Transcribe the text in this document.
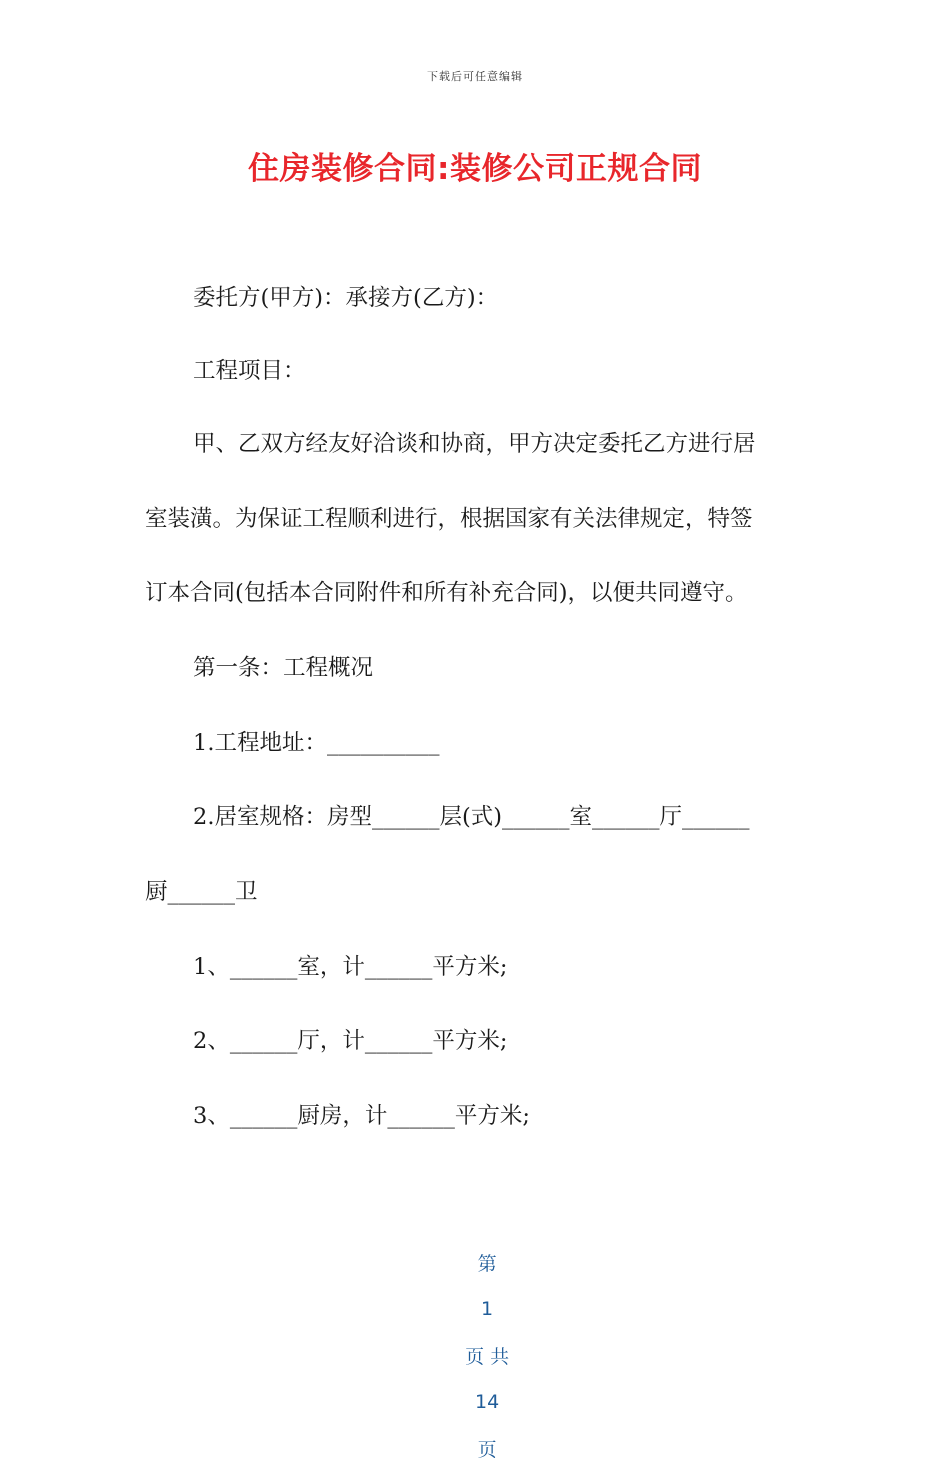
下载后可任意编辑
住房装修合同:装修公司正规合同
委托方(甲方)：承接方(乙方)：
工程项目：
甲、乙双方经友好洽谈和协商，甲方决定委托乙方进行居
室装潢。为保证工程顺利进行，根据国家有关法律规定，特签
订本合同(包括本合同附件和所有补充合同)，以便共同遵守。
第一条：工程概况
1.工程地址：__________
2.居室规格：房型______层(式)______室______厅______
厨______卫
1、______室，计______平方米;
2、______厅，计______平方米;
3、______厨房，计______平方米;

第

1

页 共

14

页
